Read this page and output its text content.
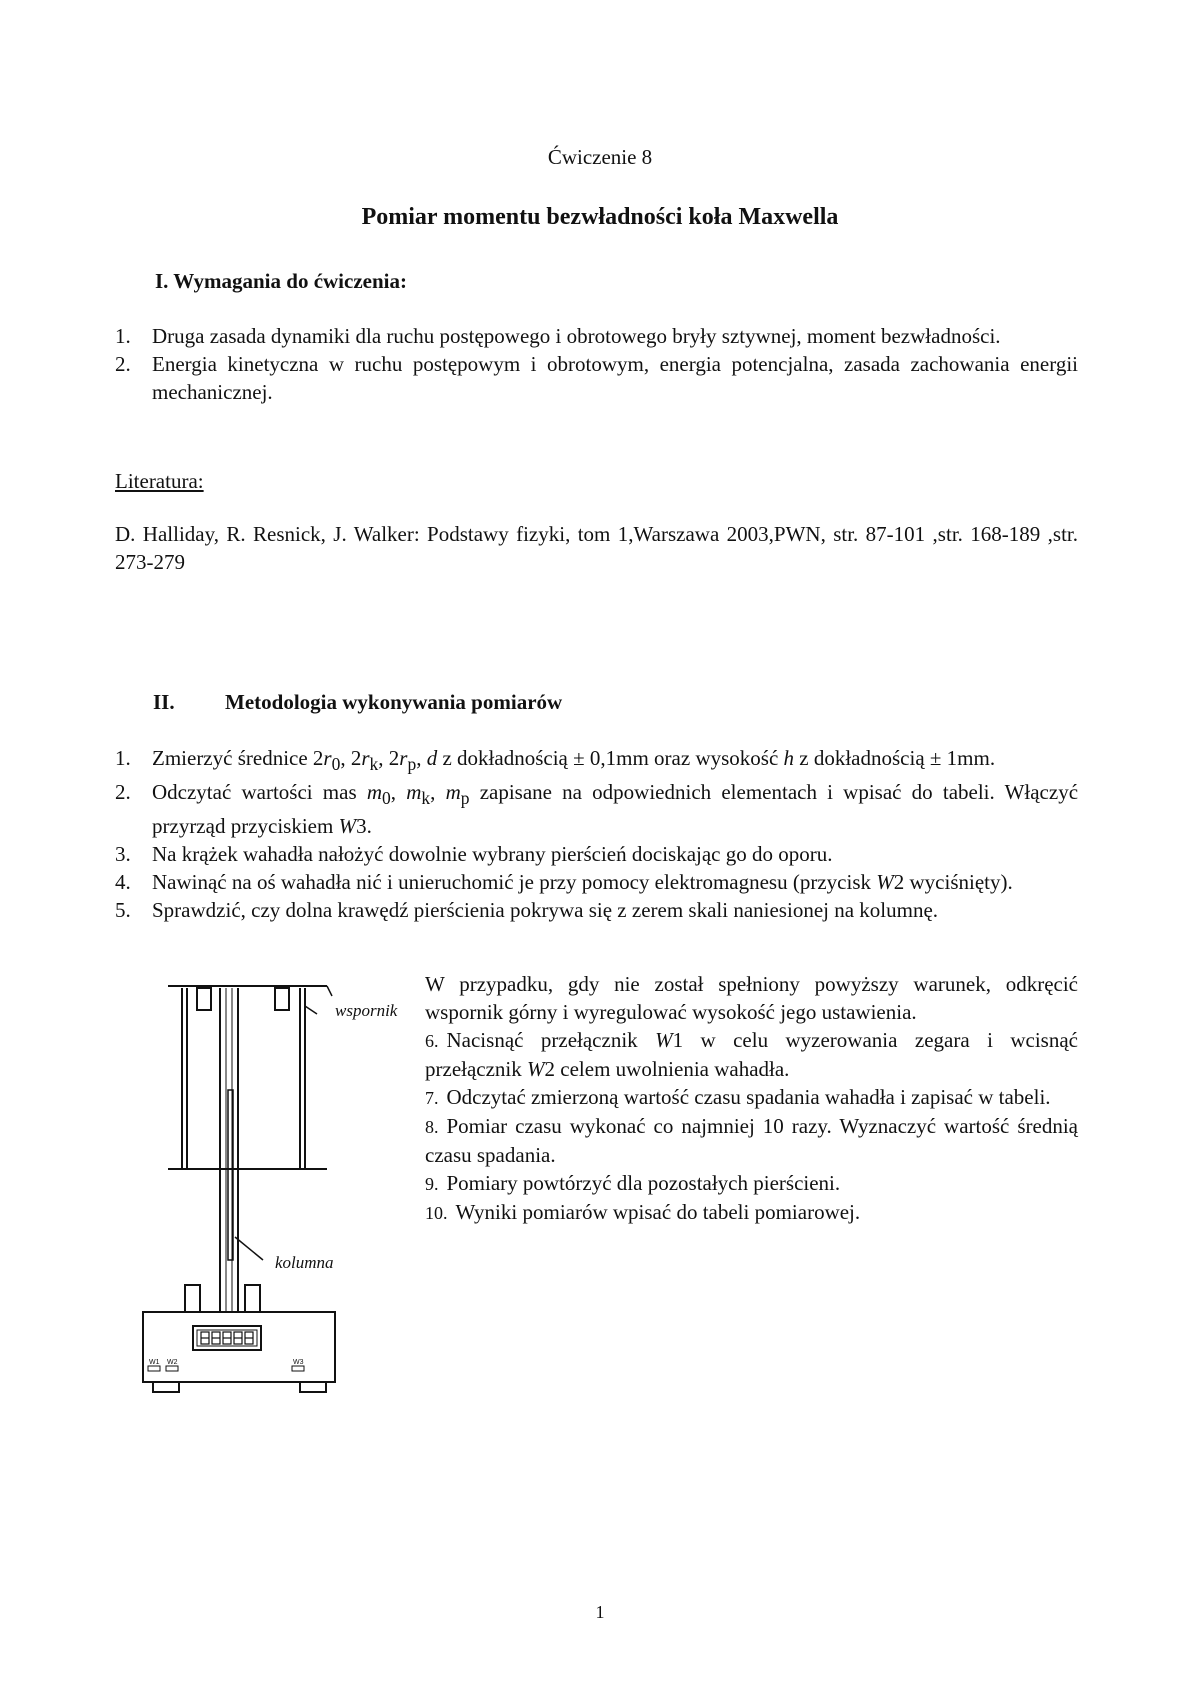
Ćwiczenie 8
Pomiar momentu bezwładności koła Maxwella
I. Wymagania do ćwiczenia:
1. Druga zasada dynamiki dla ruchu postępowego i obrotowego bryły sztywnej, moment bezwładności.
2. Energia kinetyczna w ruchu postępowym i obrotowym, energia potencjalna, zasada zachowania energii mechanicznej.
Literatura:
D. Halliday, R. Resnick, J. Walker: Podstawy fizyki, tom 1,Warszawa 2003,PWN, str. 87-101 ,str. 168-189 ,str. 273-279
II. Metodologia wykonywania pomiarów
1. Zmierzyć średnice $2r_0$, $2r_k$, $2r_p$, d z dokładnością ± 0,1mm oraz wysokość h z dokładnością ± 1mm.
2. Odczytać wartości mas $m_0$, $m_k$, $m_p$ zapisane na odpowiednich elementach i wpisać do tabeli. Włączyć przyrząd przyciskiem W3.
3. Na krążek wahadła nałożyć dowolnie wybrany pierścień dociskając go do oporu.
4. Nawinąć na oś wahadła nić i unieruchomić je przy pomocy elektromagnesu (przycisk W2 wyciśnięty).
5. Sprawdzić, czy dolna krawędź pierścienia pokrywa się z zerem skali naniesionej na kolumnę.

W przypadku, gdy nie został spełniony powyższy warunek, odkręcić wspornik górny i wyregulować wysokość jego ustawienia.

6. Nacisnąć przełącznik W1 w celu wyzerowania zegara i wcisnąć przełącznik W2 celem uwolnienia wahadła.
7. Odczytać zmierzoną wartość czasu spadania wahadła i zapisać w tabeli.
8. Pomiar czasu wykonać co najmniej 10 razy. Wyznaczyć wartość średnią czasu spadania.
9. Pomiary powtórzyć dla pozostałych pierścieni.
10. Wyniki pomiarów wpisać do tabeli pomiarowej.
wspornik
kolumna
W1 W2	W3
1
